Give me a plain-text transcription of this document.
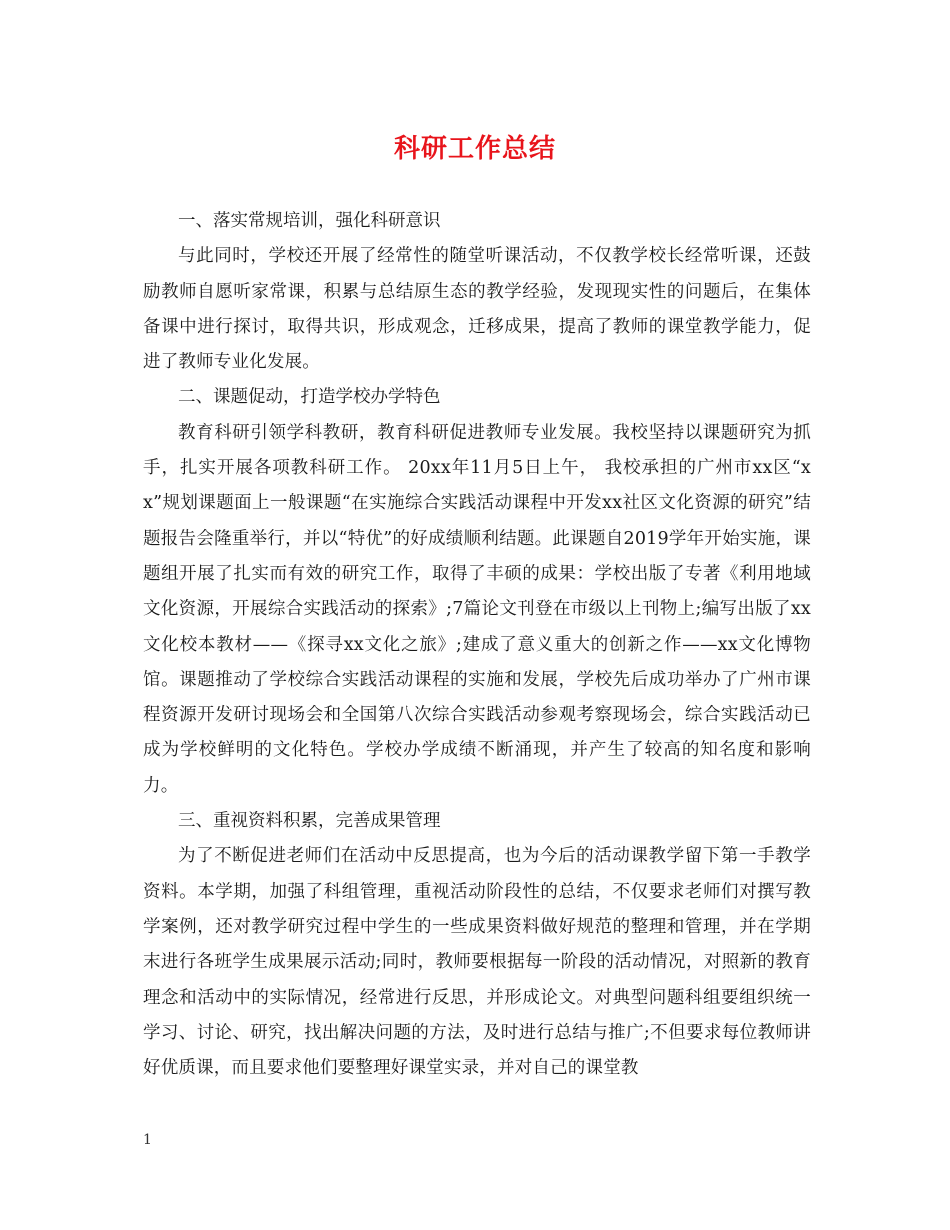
科研工作总结

一、落实常规培训，强化科研意识

与此同时，学校还开展了经常性的随堂听课活动，不仅教学校长经常听课，还鼓励教师自愿听家常课，积累与总结原生态的教学经验，发现现实性的问题后，在集体备课中进行探讨，取得共识，形成观念，迁移成果，提高了教师的课堂教学能力，促进了教师专业化发展。

二、课题促动，打造学校办学特色

教育科研引领学科教研，教育科研促进教师专业发展。我校坚持以课题研究为抓手，扎实开展各项教科研工作。 20xx年11月5日上午， 我校承担的广州市xx区“xx”规划课题面上一般课题“在实施综合实践活动课程中开发xx社区文化资源的研究”结题报告会隆重举行，并以“特优”的好成绩顺利结题。此课题自2019学年开始实施，课题组开展了扎实而有效的研究工作，取得了丰硕的成果：学校出版了专著《利用地域文化资源，开展综合实践活动的探索》;7篇论文刊登在市级以上刊物上;编写出版了xx文化校本教材——《探寻xx文化之旅》;建成了意义重大的创新之作——xx文化博物馆。课题推动了学校综合实践活动课程的实施和发展，学校先后成功举办了广州市课程资源开发研讨现场会和全国第八次综合实践活动参观考察现场会，综合实践活动已成为学校鲜明的文化特色。学校办学成绩不断涌现，并产生了较高的知名度和影响力。

三、重视资料积累，完善成果管理

为了不断促进老师们在活动中反思提高，也为今后的活动课教学留下第一手教学资料。本学期，加强了科组管理，重视活动阶段性的总结，不仅要求老师们对撰写教学案例，还对教学研究过程中学生的一些成果资料做好规范的整理和管理，并在学期末进行各班学生成果展示活动;同时，教师要根据每一阶段的活动情况，对照新的教育理念和活动中的实际情况，经常进行反思，并形成论文。对典型问题科组要组织统一学习、讨论、研究，找出解决问题的方法，及时进行总结与推广;不但要求每位教师讲好优质课，而且要求他们要整理好课堂实录，并对自己的课堂教

1
